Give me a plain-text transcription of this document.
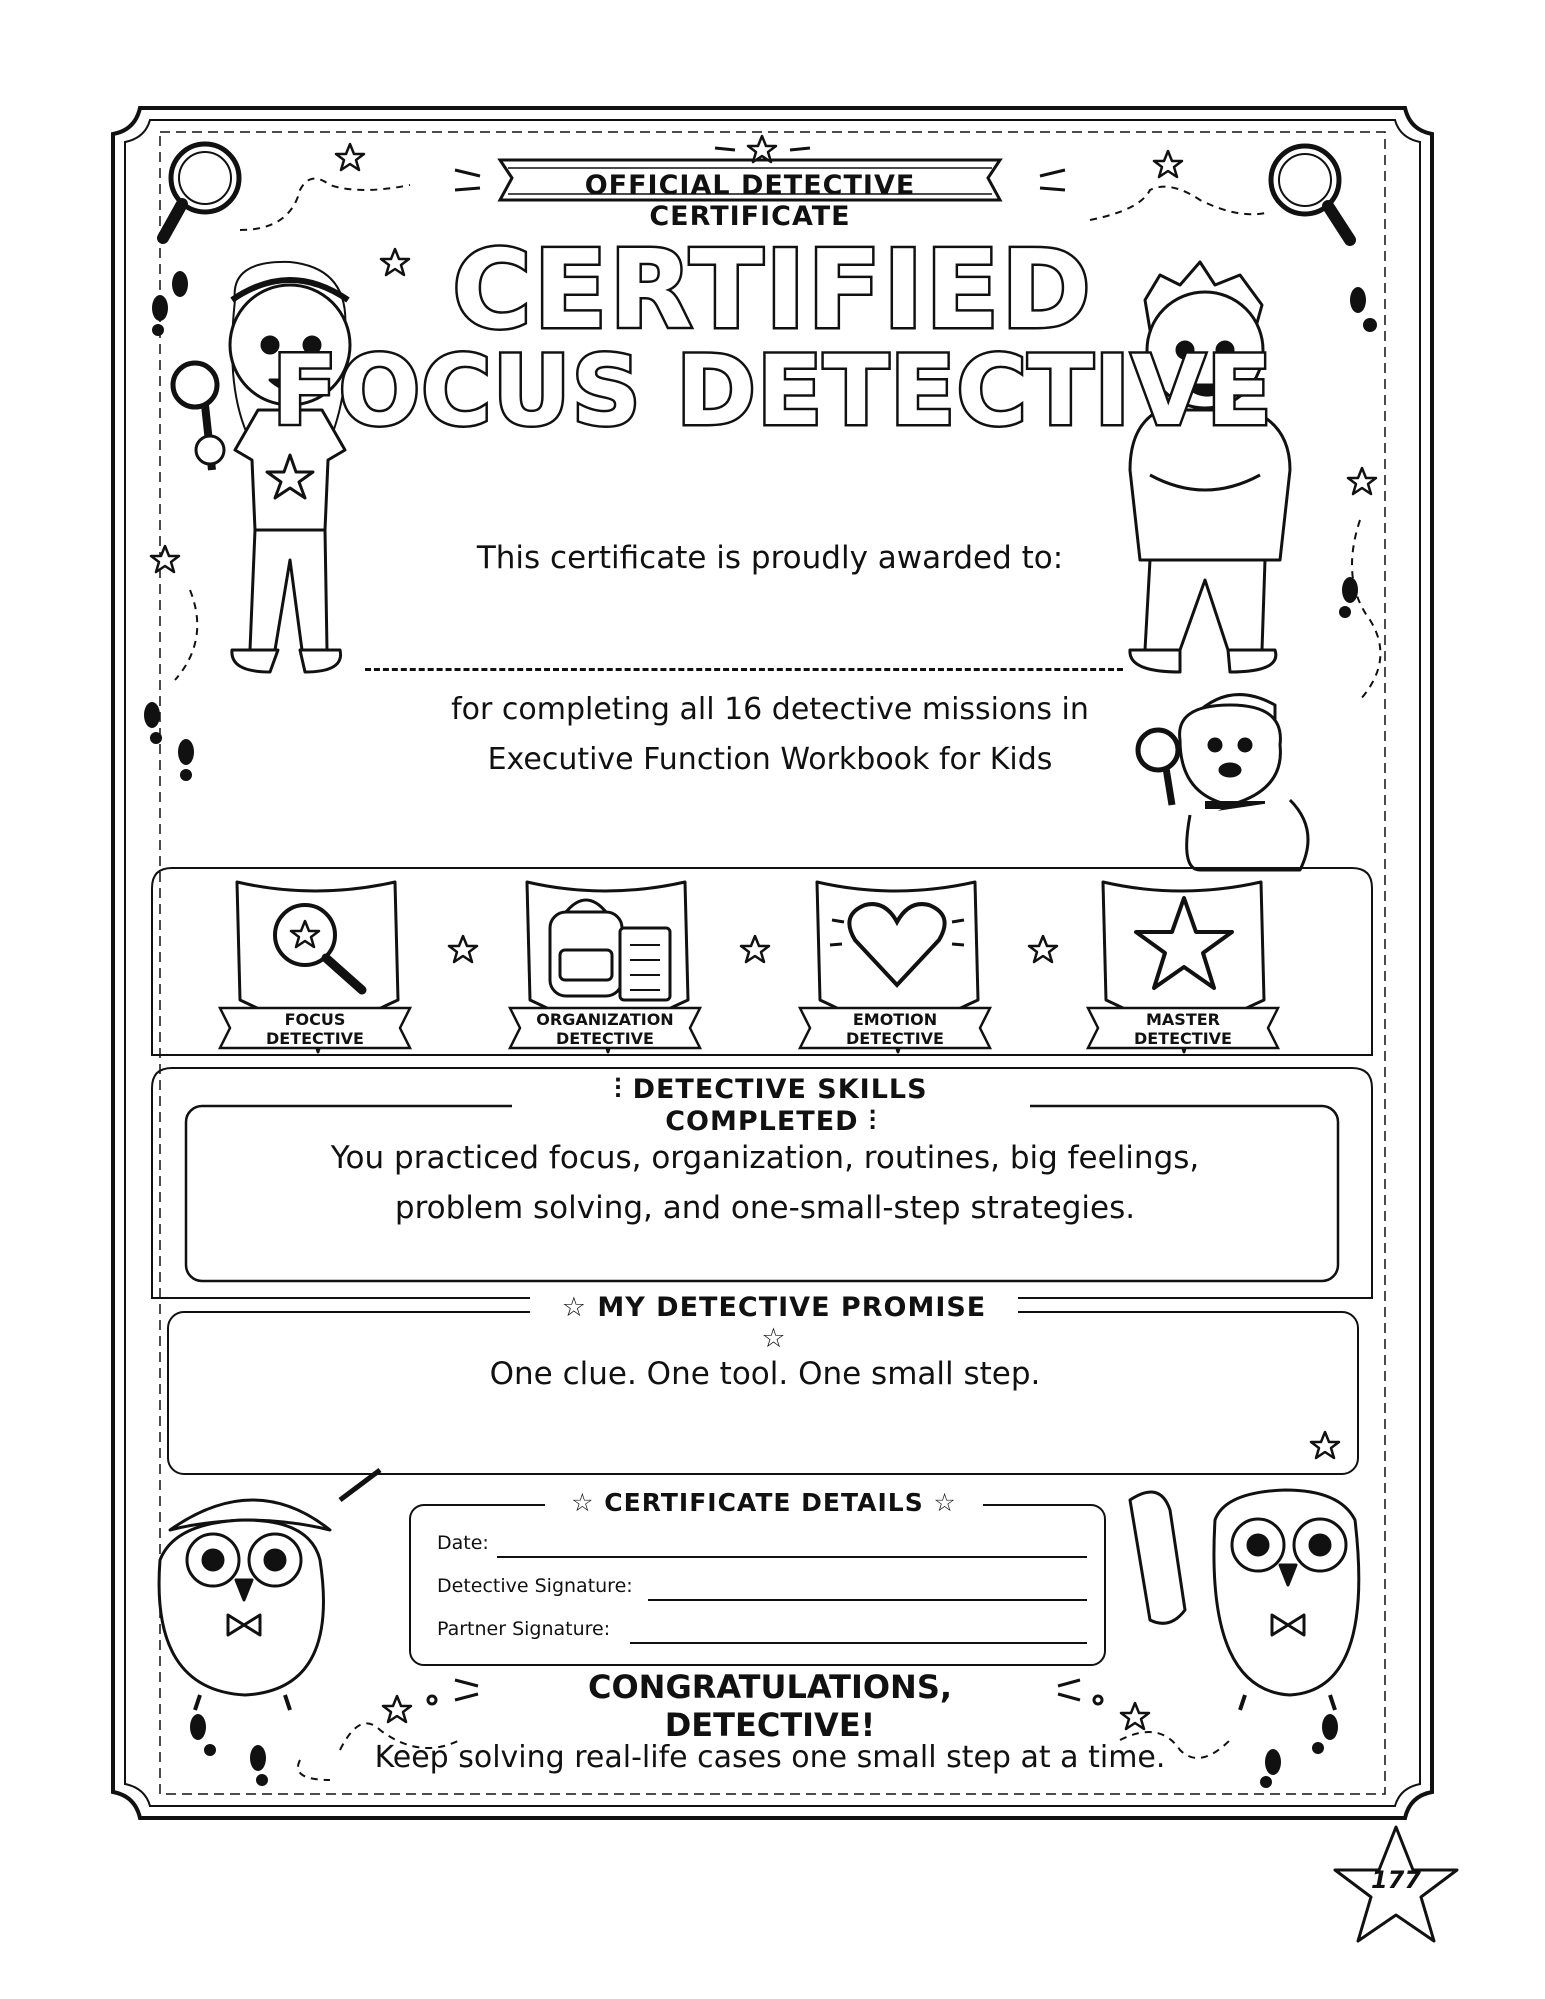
OFFICIAL DETECTIVE CERTIFICATE
CERTIFIED
FOCUS DETECTIVE
This certificate is proudly awarded to:
for completing all 16 detective missions in
Executive Function Workbook for Kids
FOCUS
DETECTIVE
ORGANIZATION
DETECTIVE
EMOTION
DETECTIVE
MASTER
DETECTIVE
⫶ DETECTIVE SKILLS COMPLETED ⫶
You practiced focus, organization, routines, big feelings,
problem solving, and one-small-step strategies.
☆ MY DETECTIVE PROMISE ☆
One clue. One tool. One small step.
☆ CERTIFICATE DETAILS ☆
Date:
Detective Signature:
Partner Signature:
CONGRATULATIONS, DETECTIVE!
Keep solving real-life cases one small step at a time.
177
